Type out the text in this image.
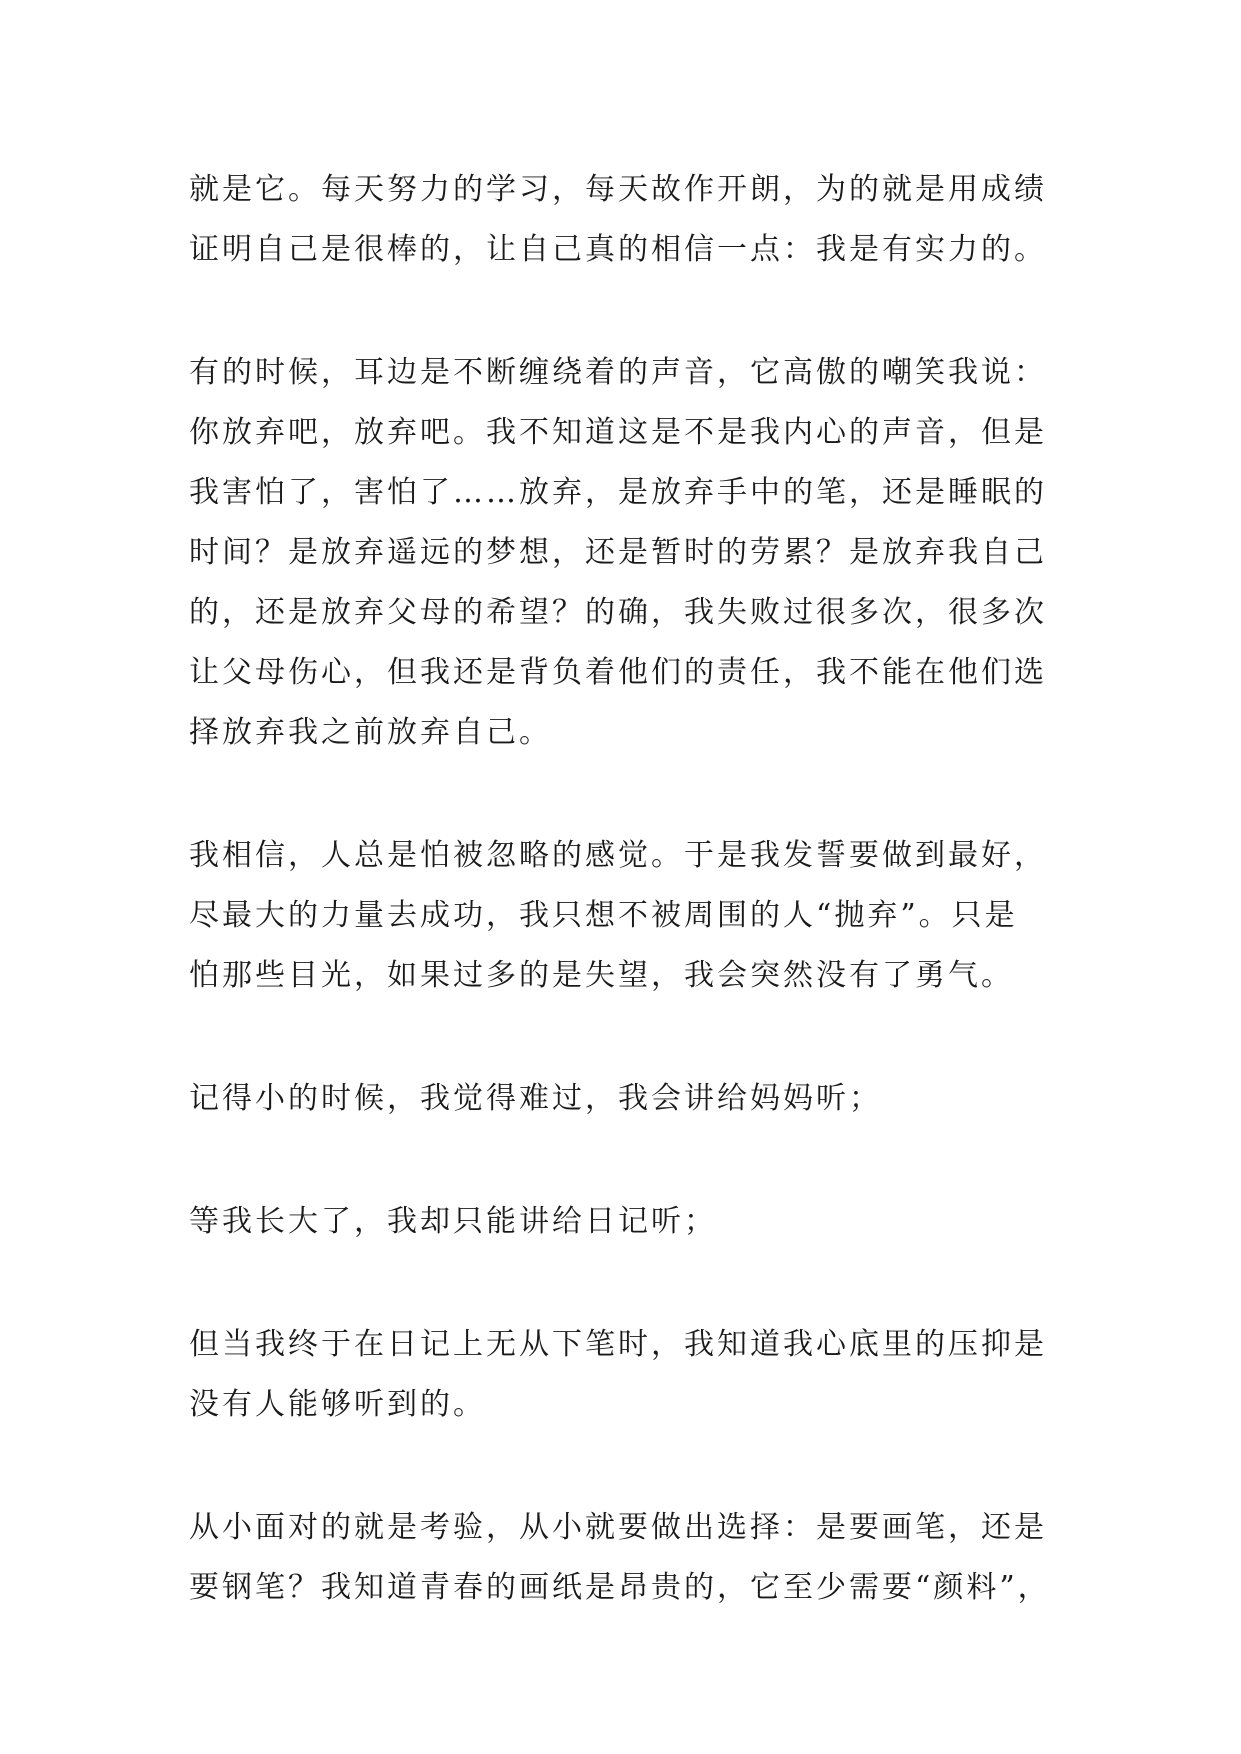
就是它。每天努力的学习，每天故作开朗，为的就是用成绩
证明自己是很棒的，让自己真的相信一点：我是有实力的。

有的时候，耳边是不断缠绕着的声音，它高傲的嘲笑我说：
你放弃吧，放弃吧。我不知道这是不是我内心的声音，但是
我害怕了，害怕了……放弃，是放弃手中的笔，还是睡眠的
时间？是放弃遥远的梦想，还是暂时的劳累？是放弃我自己
的，还是放弃父母的希望？的确，我失败过很多次，很多次
让父母伤心，但我还是背负着他们的责任，我不能在他们选
择放弃我之前放弃自己。

我相信，人总是怕被忽略的感觉。于是我发誓要做到最好，
尽最大的力量去成功，我只想不被周围的人“抛弃”。只是
怕那些目光，如果过多的是失望，我会突然没有了勇气。

记得小的时候，我觉得难过，我会讲给妈妈听；

等我长大了，我却只能讲给日记听；

但当我终于在日记上无从下笔时，我知道我心底里的压抑是
没有人能够听到的。

从小面对的就是考验，从小就要做出选择：是要画笔，还是
要钢笔？我知道青春的画纸是昂贵的，它至少需要“颜料”，
